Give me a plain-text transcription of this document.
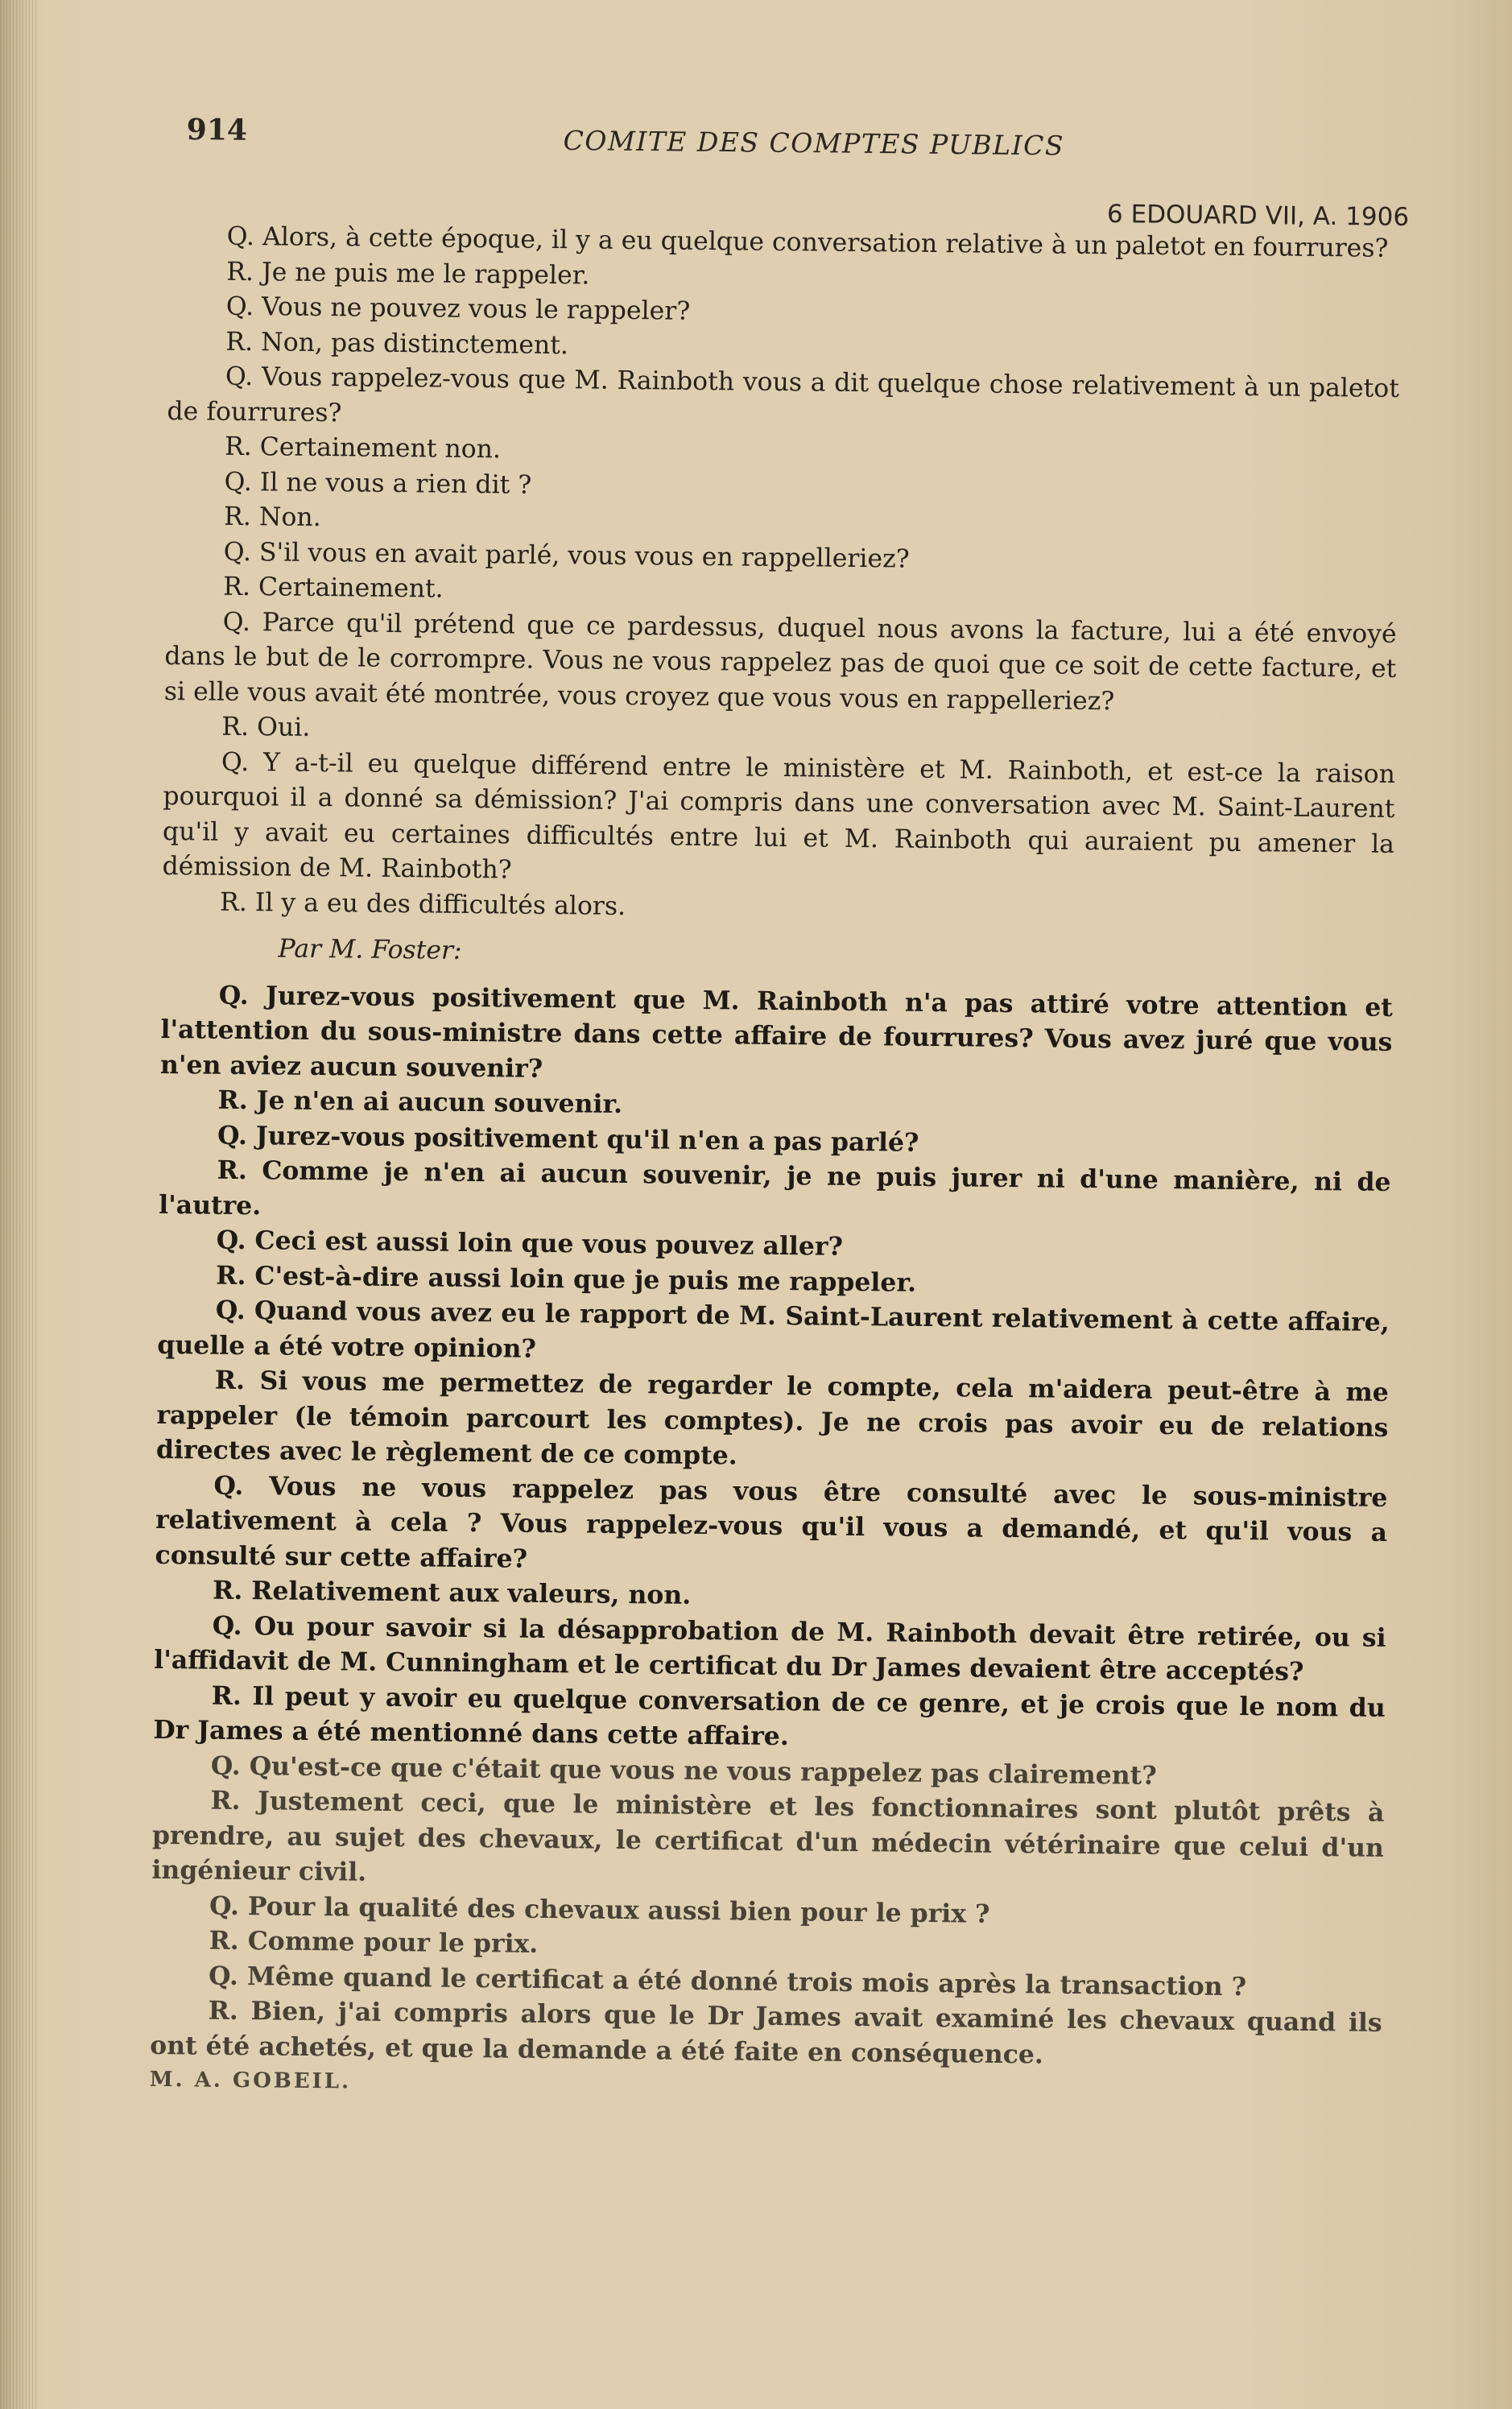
914	COMITE DES COMPTES PUBLICS
6 EDOUARD VII, A. 1906

Q. Alors, à cette époque, il y a eu quelque conversation relative à un paletot en fourrures?

R. Je ne puis me le rappeler.

Q. Vous ne pouvez vous le rappeler?

R. Non, pas distinctement.

Q. Vous rappelez-vous que M. Rainboth vous a dit quelque chose relativement à un paletot de fourrures?

R. Certainement non.

Q. Il ne vous a rien dit ?

R. Non.

Q. S'il vous en avait parlé, vous vous en rappelleriez?

R. Certainement.

Q. Parce qu'il prétend que ce pardessus, duquel nous avons la facture, lui a été envoyé dans le but de le corrompre. Vous ne vous rappelez pas de quoi que ce soit de cette facture, et si elle vous avait été montrée, vous croyez que vous vous en rappelleriez?

R. Oui.

Q. Y a-t-il eu quelque différend entre le ministère et M. Rainboth, et est-ce la raison pourquoi il a donné sa démission? J'ai compris dans une conversation avec M. Saint-Laurent qu'il y avait eu certaines difficultés entre lui et M. Rainboth qui auraient pu amener la démission de M. Rainboth?

R. Il y a eu des difficultés alors.

Par M. Foster:

Q. Jurez-vous positivement que M. Rainboth n'a pas attiré votre attention et l'attention du sous-ministre dans cette affaire de fourrures? Vous avez juré que vous n'en aviez aucun souvenir?

R. Je n'en ai aucun souvenir.

Q. Jurez-vous positivement qu'il n'en a pas parlé?

R. Comme je n'en ai aucun souvenir, je ne puis jurer ni d'une manière, ni de l'autre.

Q. Ceci est aussi loin que vous pouvez aller?

R. C'est-à-dire aussi loin que je puis me rappeler.

Q. Quand vous avez eu le rapport de M. Saint-Laurent relativement à cette affaire, quelle a été votre opinion?

R. Si vous me permettez de regarder le compte, cela m'aidera peut-être à me rappeler (le témoin parcourt les comptes). Je ne crois pas avoir eu de relations directes avec le règlement de ce compte.

Q. Vous ne vous rappelez pas vous être consulté avec le sous-ministre relativement à cela ? Vous rappelez-vous qu'il vous a demandé, et qu'il vous a consulté sur cette affaire?

R. Relativement aux valeurs, non.

Q. Ou pour savoir si la désapprobation de M. Rainboth devait être retirée, ou si l'affidavit de M. Cunningham et le certificat du Dr James devaient être acceptés?

R. Il peut y avoir eu quelque conversation de ce genre, et je crois que le nom du Dr James a été mentionné dans cette affaire.

Q. Qu'est-ce que c'était que vous ne vous rappelez pas clairement?

R. Justement ceci, que le ministère et les fonctionnaires sont plutôt prêts à prendre, au sujet des chevaux, le certificat d'un médecin vétérinaire que celui d'un ingénieur civil.

Q. Pour la qualité des chevaux aussi bien pour le prix ?

R. Comme pour le prix.

Q. Même quand le certificat a été donné trois mois après la transaction ?

R. Bien, j'ai compris alors que le Dr James avait examiné les chevaux quand ils ont été achetés, et que la demande a été faite en conséquence.

M. A. GOBEIL.
